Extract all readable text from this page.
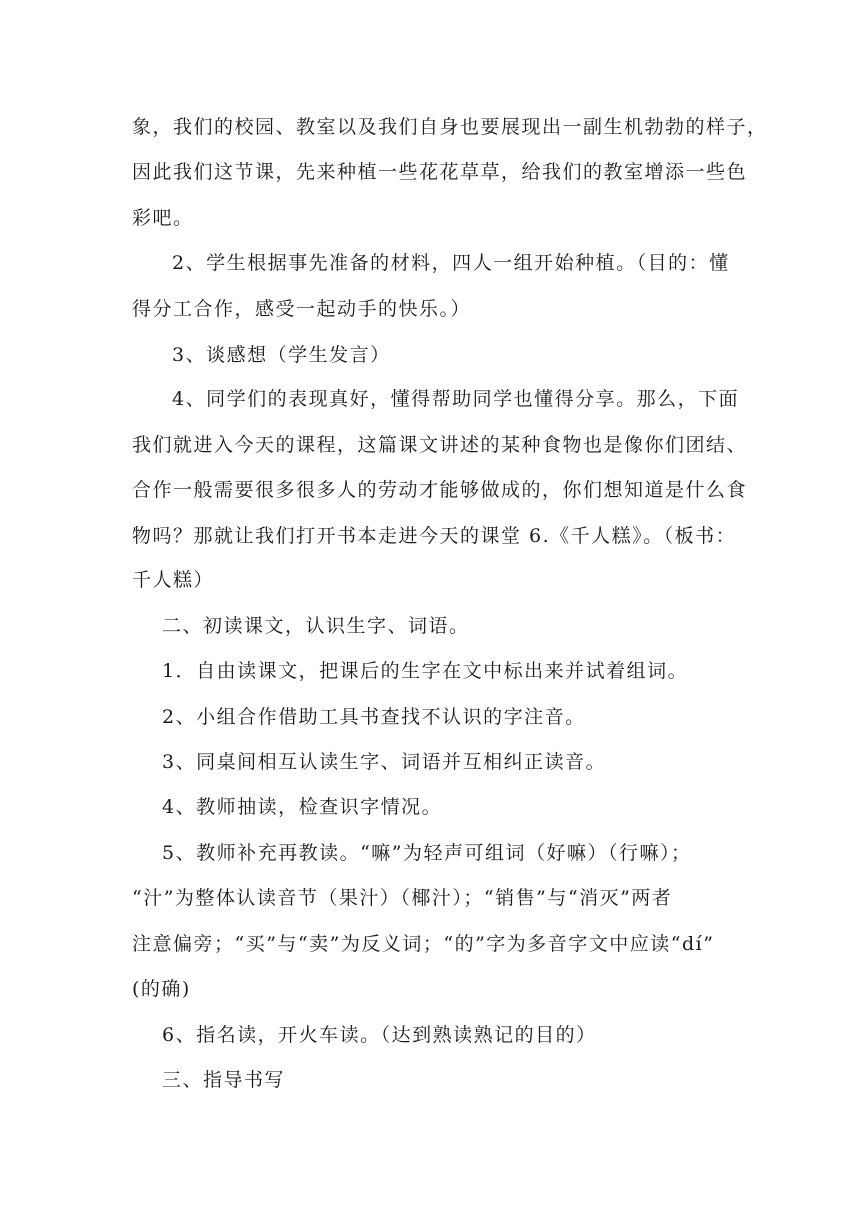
象，我们的校园、教室以及我们自身也要展现出一副生机勃勃的样子，
因此我们这节课，先来种植一些花花草草，给我们的教室增添一些色
彩吧。
2、学生根据事先准备的材料，四人一组开始种植。（目的：懂
得分工合作，感受一起动手的快乐。）
3、谈感想（学生发言）
4、同学们的表现真好，懂得帮助同学也懂得分享。那么，下面
我们就进入今天的课程，这篇课文讲述的某种食物也是像你们团结、
合作一般需要很多很多人的劳动才能够做成的，你们想知道是什么食
物吗？那就让我们打开书本走进今天的课堂 6.《千人糕》。（板书：
千人糕）
二、初读课文，认识生字、词语。
1．自由读课文，把课后的生字在文中标出来并试着组词。
2、小组合作借助工具书查找不认识的字注音。
3、同桌间相互认读生字、词语并互相纠正读音。
4、教师抽读，检查识字情况。
5、教师补充再教读。“嘛”为轻声可组词（好嘛）（行嘛）；
“汁”为整体认读音节（果汁）（椰汁）；“销售”与“消灭”两者
注意偏旁；“买”与“卖”为反义词；“的”字为多音字文中应读“dí”
(的确)
6、指名读，开火车读。（达到熟读熟记的目的）
三、指导书写
